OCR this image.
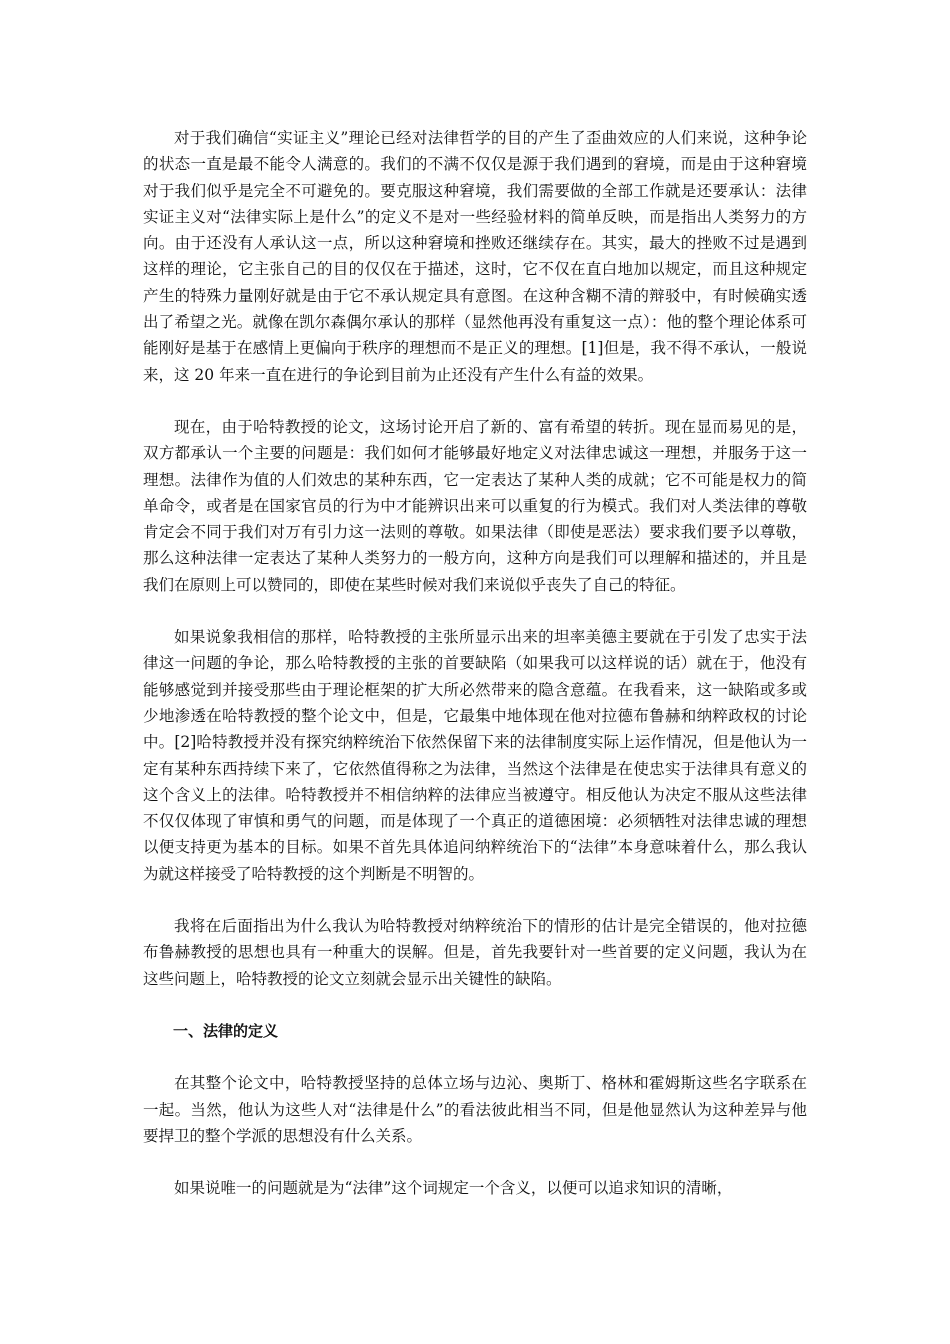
对于我们确信“实证主义”理论已经对法律哲学的目的产生了歪曲效应的人们来说，这种争论的状态一直是最不能令人满意的。我们的不满不仅仅是源于我们遇到的窘境，而是由于这种窘境对于我们似乎是完全不可避免的。要克服这种窘境，我们需要做的全部工作就是还要承认：法律实证主义对“法律实际上是什么”的定义不是对一些经验材料的简单反映，而是指出人类努力的方向。由于还没有人承认这一点，所以这种窘境和挫败还继续存在。其实，最大的挫败不过是遇到这样的理论，它主张自己的目的仅仅在于描述，这时，它不仅在直白地加以规定，而且这种规定产生的特殊力量刚好就是由于它不承认规定具有意图。在这种含糊不清的辩驳中，有时候确实透出了希望之光。就像在凯尔森偶尔承认的那样（显然他再没有重复这一点）：他的整个理论体系可能刚好是基于在感情上更偏向于秩序的理想而不是正义的理想。[1]但是，我不得不承认，一般说来，这 20 年来一直在进行的争论到目前为止还没有产生什么有益的效果。

现在，由于哈特教授的论文，这场讨论开启了新的、富有希望的转折。现在显而易见的是，双方都承认一个主要的问题是：我们如何才能够最好地定义对法律忠诚这一理想，并服务于这一理想。法律作为值的人们效忠的某种东西，它一定表达了某种人类的成就；它不可能是权力的简单命令，或者是在国家官员的行为中才能辨识出来可以重复的行为模式。我们对人类法律的尊敬肯定会不同于我们对万有引力这一法则的尊敬。如果法律（即使是恶法）要求我们要予以尊敬，那么这种法律一定表达了某种人类努力的一般方向，这种方向是我们可以理解和描述的，并且是我们在原则上可以赞同的，即使在某些时候对我们来说似乎丧失了自己的特征。

如果说象我相信的那样，哈特教授的主张所显示出来的坦率美德主要就在于引发了忠实于法律这一问题的争论，那么哈特教授的主张的首要缺陷（如果我可以这样说的话）就在于，他没有能够感觉到并接受那些由于理论框架的扩大所必然带来的隐含意蕴。在我看来，这一缺陷或多或少地渗透在哈特教授的整个论文中，但是，它最集中地体现在他对拉德布鲁赫和纳粹政权的讨论中。[2]哈特教授并没有探究纳粹统治下依然保留下来的法律制度实际上运作情况，但是他认为一定有某种东西持续下来了，它依然值得称之为法律，当然这个法律是在使忠实于法律具有意义的这个含义上的法律。哈特教授并不相信纳粹的法律应当被遵守。相反他认为决定不服从这些法律不仅仅体现了审慎和勇气的问题，而是体现了一个真正的道德困境：必须牺牲对法律忠诚的理想以便支持更为基本的目标。如果不首先具体追问纳粹统治下的“法律”本身意味着什么，那么我认为就这样接受了哈特教授的这个判断是不明智的。

我将在后面指出为什么我认为哈特教授对纳粹统治下的情形的估计是完全错误的，他对拉德布鲁赫教授的思想也具有一种重大的误解。但是，首先我要针对一些首要的定义问题，我认为在这些问题上，哈特教授的论文立刻就会显示出关键性的缺陷。

一、法律的定义

在其整个论文中，哈特教授坚持的总体立场与边沁、奥斯丁、格林和霍姆斯这些名字联系在一起。当然，他认为这些人对“法律是什么”的看法彼此相当不同，但是他显然认为这种差异与他要捍卫的整个学派的思想没有什么关系。

如果说唯一的问题就是为“法律”这个词规定一个含义，以便可以追求知识的清晰，
